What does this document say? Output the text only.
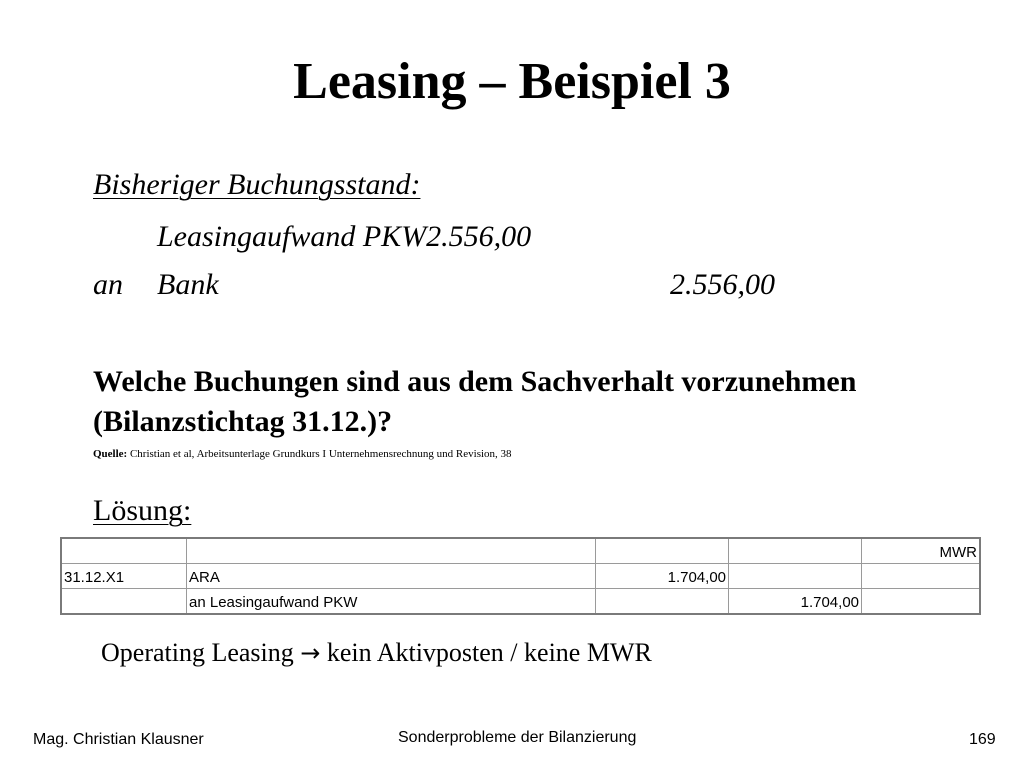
Leasing – Beispiel 3
Bisheriger Buchungsstand:
Leasingaufwand PKW2.556,00
an Bank	2.556,00
Welche Buchungen sind aus dem Sachverhalt vorzunehmen
(Bilanzstichtag 31.12.)?
Quelle: Christian et al, Arbeitsunterlage Grundkurs I Unternehmensrechnung und Revision, 38
Lösung:
				MWR
31.12.X1	ARA	1.704,00		
	an Leasingaufwand PKW		1.704,00	
Operating Leasing → kein Aktivposten / keine MWR
Mag. Christian Klausner	Sonderprobleme der Bilanzierung	169
